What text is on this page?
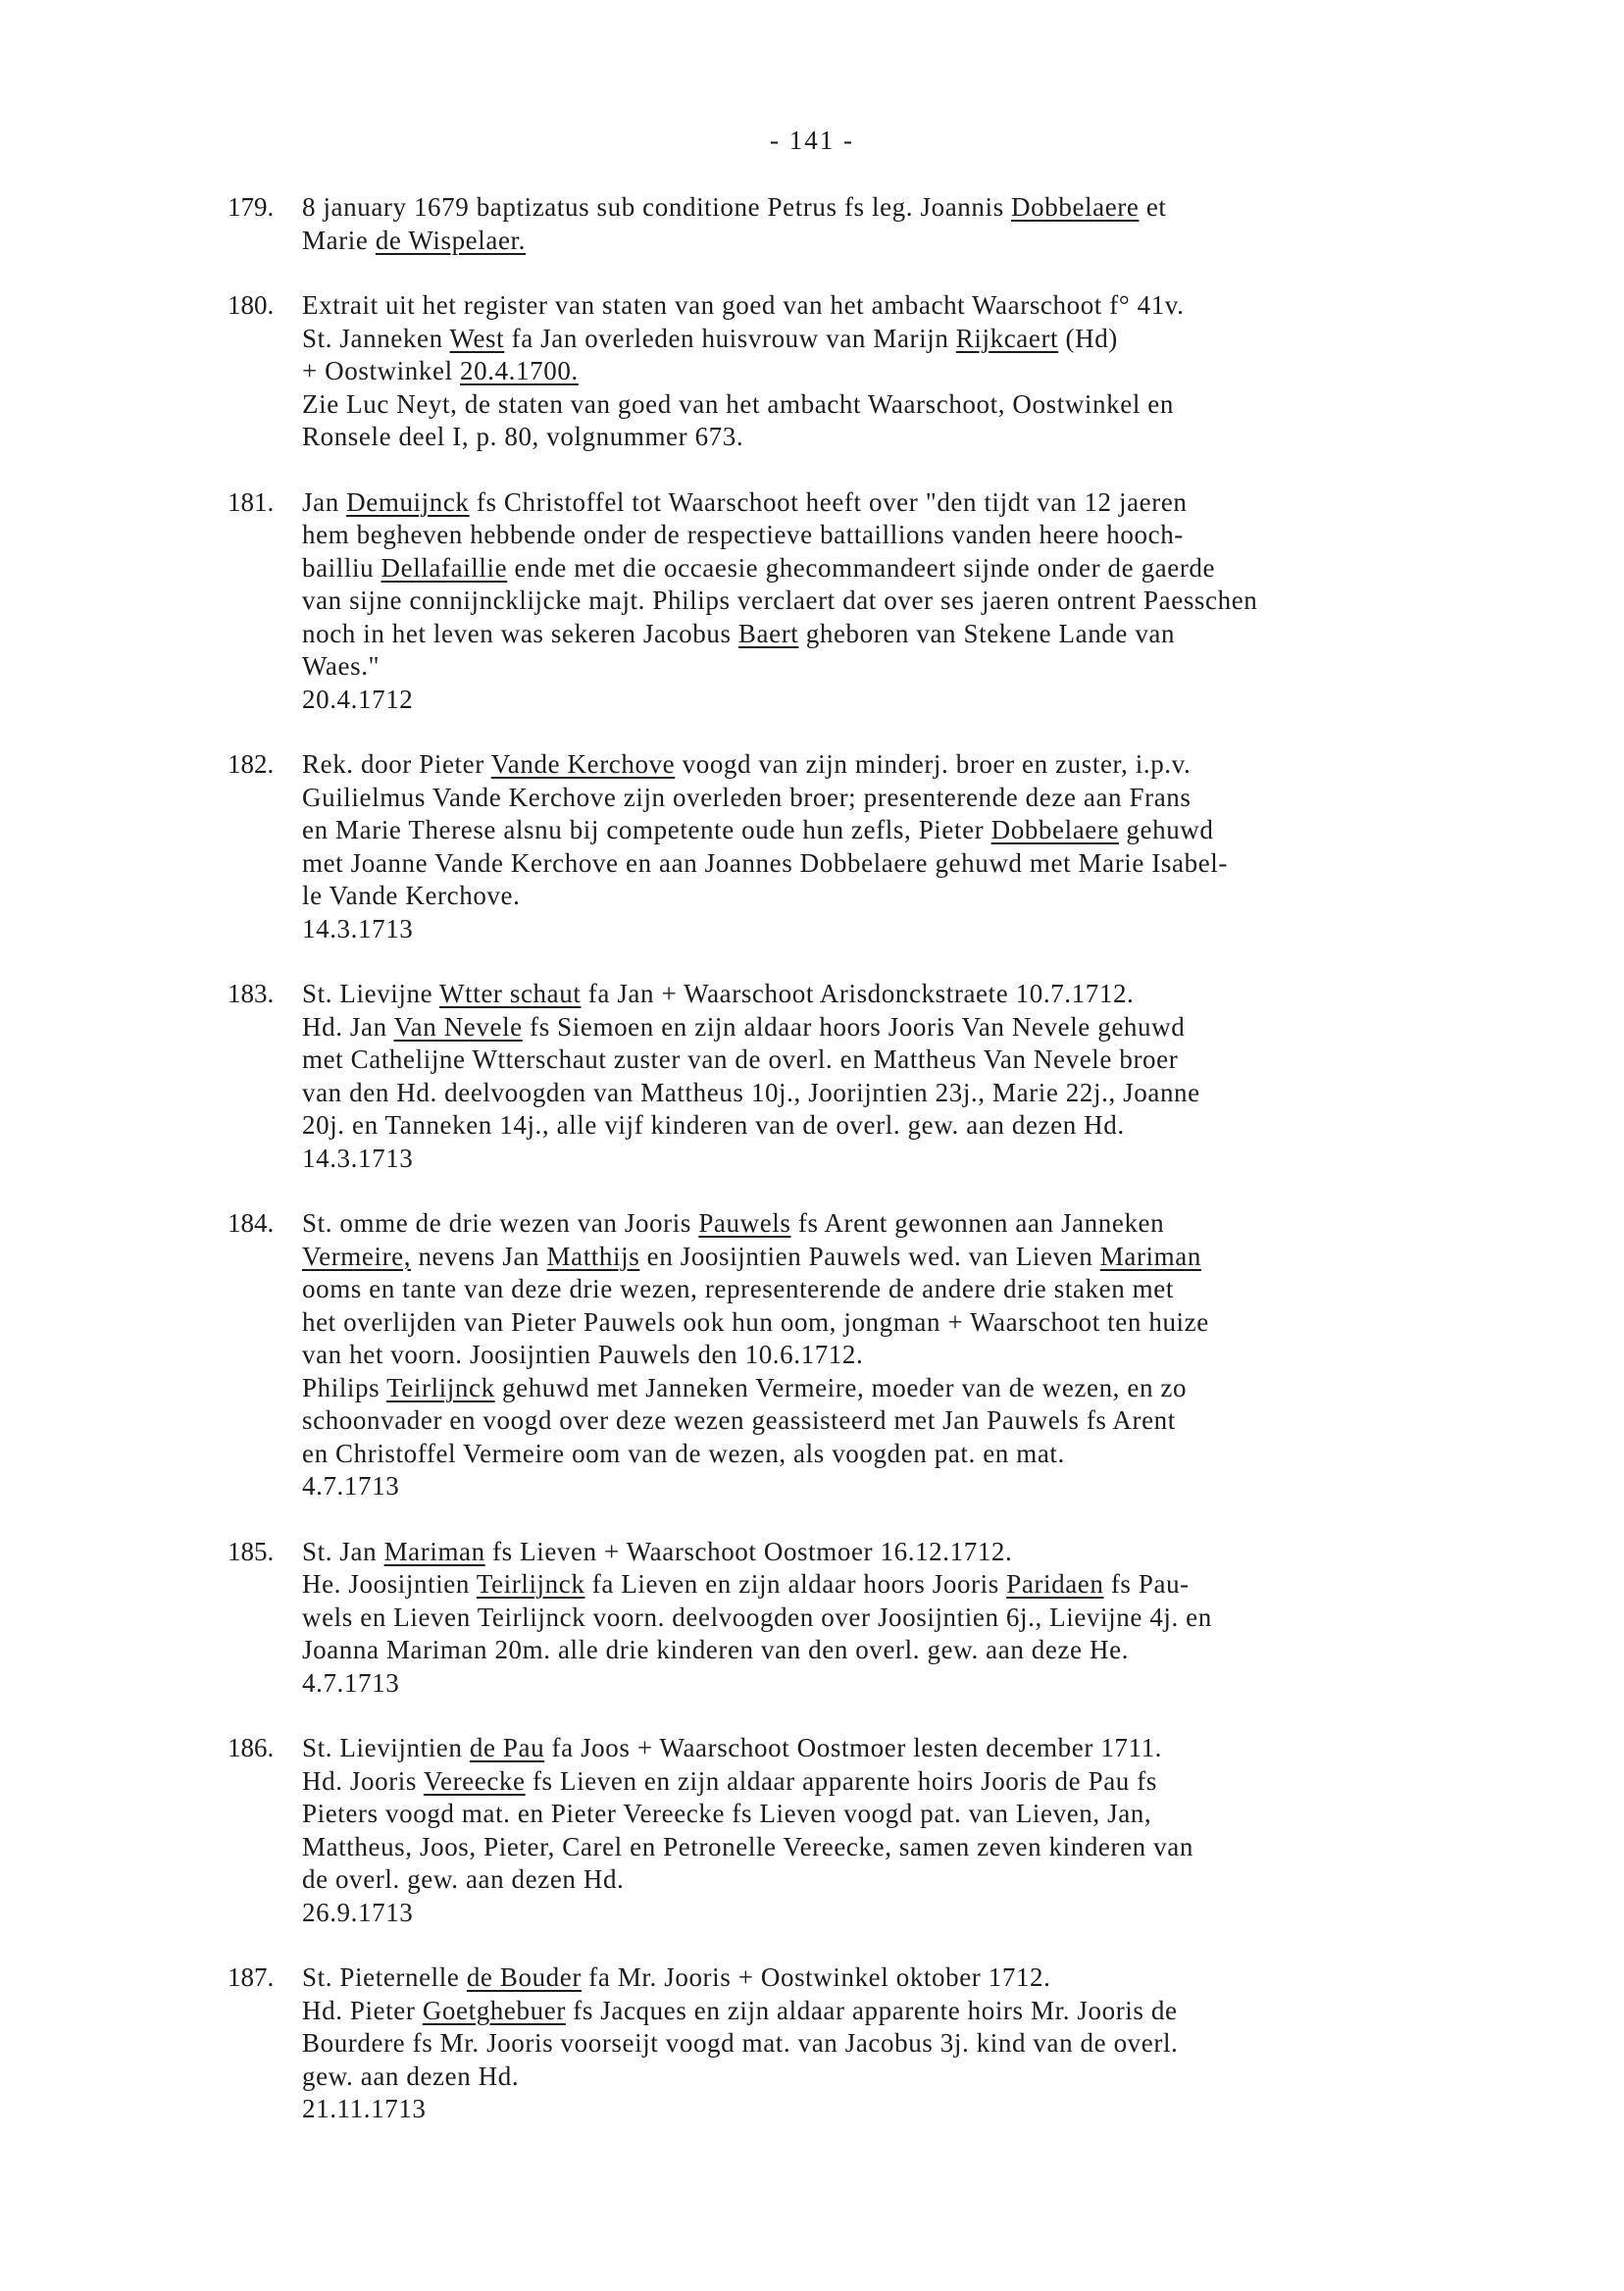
- 141 -
179.	8 january 1679 baptizatus sub conditione Petrus fs leg. Joannis Dobbelaere et
Marie de Wispelaer.
180.	Extrait uit het register van staten van goed van het ambacht Waarschoot f° 41v.
St. Janneken West fa Jan overleden huisvrouw van Marijn Rijkcaert (Hd)
+ Oostwinkel 20.4.1700.
Zie Luc Neyt, de staten van goed van het ambacht Waarschoot, Oostwinkel en
Ronsele deel I, p. 80, volgnummer 673.
181.	Jan Demuijnck fs Christoffel tot Waarschoot heeft over "den tijdt van 12 jaeren
hem begheven hebbende onder de respectieve battaillions vanden heere hooch-
bailliu Dellafaillie ende met die occaesie ghecommandeert sijnde onder de gaerde
van sijne connijncklijcke majt. Philips verclaert dat over ses jaeren ontrent Paesschen
noch in het leven was sekeren Jacobus Baert gheboren van Stekene Lande van
Waes."
20.4.1712
182.	Rek. door Pieter Vande Kerchove voogd van zijn minderj. broer en zuster, i.p.v.
Guilielmus Vande Kerchove zijn overleden broer; presenterende deze aan Frans
en Marie Therese alsnu bij competente oude hun zefls, Pieter Dobbelaere gehuwd
met Joanne Vande Kerchove en aan Joannes Dobbelaere gehuwd met Marie Isabel-
le Vande Kerchove.
14.3.1713
183.	St. Lievijne Wtter schaut fa Jan + Waarschoot Arisdonckstraete 10.7.1712.
Hd. Jan Van Nevele fs Siemoen en zijn aldaar hoors Jooris Van Nevele gehuwd
met Cathelijne Wtterschaut zuster van de overl. en Mattheus Van Nevele broer
van den Hd. deelvoogden van Mattheus 10j., Joorijntien 23j., Marie 22j., Joanne
20j. en Tanneken 14j., alle vijf kinderen van de overl. gew. aan dezen Hd.
14.3.1713
184.	St. omme de drie wezen van Jooris Pauwels fs Arent gewonnen aan Janneken
Vermeire, nevens Jan Matthijs en Joosijntien Pauwels wed. van Lieven Mariman
ooms en tante van deze drie wezen, representerende de andere drie staken met
het overlijden van Pieter Pauwels ook hun oom, jongman + Waarschoot ten huize
van het voorn. Joosijntien Pauwels den 10.6.1712.
Philips Teirlijnck gehuwd met Janneken Vermeire, moeder van de wezen, en zo
schoonvader en voogd over deze wezen geassisteerd met Jan Pauwels fs Arent
en Christoffel Vermeire oom van de wezen, als voogden pat. en mat.
4.7.1713
185.	St. Jan Mariman fs Lieven + Waarschoot Oostmoer 16.12.1712.
He. Joosijntien Teirlijnck fa Lieven en zijn aldaar hoors Jooris Paridaen fs Pau-
wels en Lieven Teirlijnck voorn. deelvoogden over Joosijntien 6j., Lievijne 4j. en
Joanna Mariman 20m. alle drie kinderen van den overl. gew. aan deze He.
4.7.1713
186.	St. Lievijntien de Pau fa Joos + Waarschoot Oostmoer lesten december 1711.
Hd. Jooris Vereecke fs Lieven en zijn aldaar apparente hoirs Jooris de Pau fs
Pieters voogd mat. en Pieter Vereecke fs Lieven voogd pat. van Lieven, Jan,
Mattheus, Joos, Pieter, Carel en Petronelle Vereecke, samen zeven kinderen van
de overl. gew. aan dezen Hd.
26.9.1713
187.	St. Pieternelle de Bouder fa Mr. Jooris + Oostwinkel oktober 1712.
Hd. Pieter Goetghebuer fs Jacques en zijn aldaar apparente hoirs Mr. Jooris de
Bourdere fs Mr. Jooris voorseijt voogd mat. van Jacobus 3j. kind van de overl.
gew. aan dezen Hd.
21.11.1713
